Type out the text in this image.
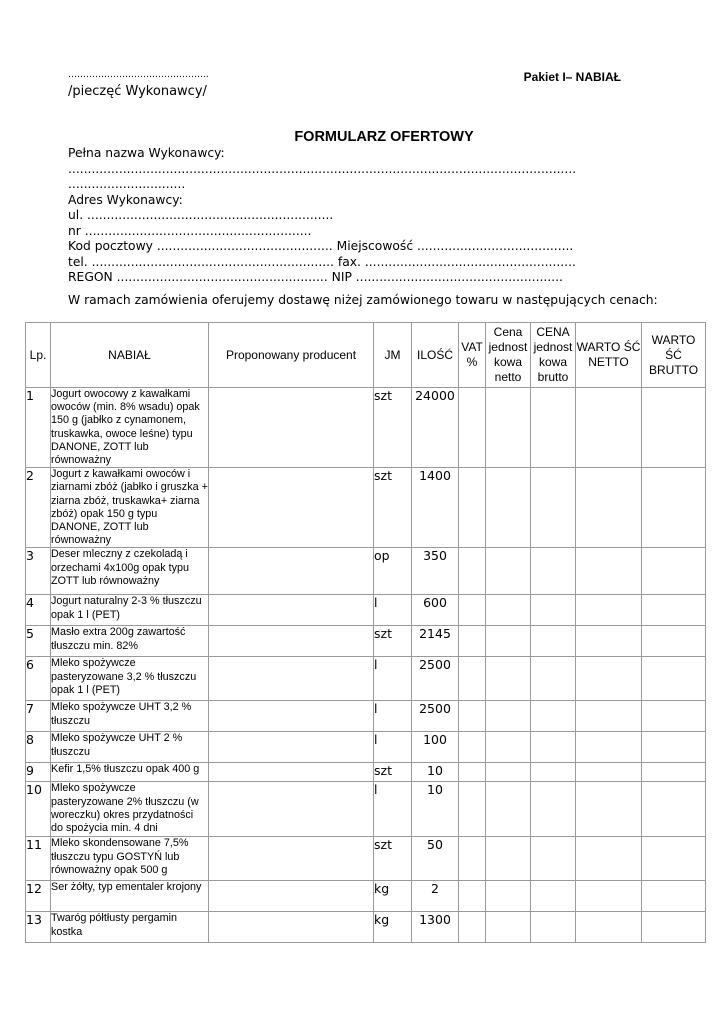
………………………………………..
/pieczęć Wykonawcy/
Pakiet I– NABIAŁ
FORMULARZ OFERTOWY
Pełna nazwa Wykonawcy:
..................................................................................................................................
..............................
Adres Wykonawcy:
ul. ...............................................................
nr ..........................................................
Kod pocztowy ............................................. Miejscowość ........................................
tel. .............................................................. fax. ......................................................
REGON ...................................................... NIP .....................................................
W ramach zamówienia oferujemy dostawę niżej zamówionego towaru w następujących cenach:
Lp.	NABIAŁ	Proponowany producent	JM	ILOŚĆ	VAT %	Cena jednost kowa netto	CENA jednost kowa brutto	WARTO ŚĆ NETTO	WARTO ŚĆ BRUTTO
1	Jogurt owocowy z kawałkami owoców (min. 8% wsadu) opak 150 g (jabłko z cynamonem, truskawka, owoce leśne) typu DANONE, ZOTT lub równoważny		szt	24000					
2	Jogurt z kawałkami owoców i ziarnami zbóż (jabłko i gruszka + ziarna zbóż, truskawka+ ziarna zbóż) opak 150 g typu DANONE, ZOTT lub równoważny		szt	1400					
3	Deser mleczny z czekoladą i orzechami 4x100g opak typu ZOTT lub równoważny		op	350					
4	Jogurt naturalny 2-3 % tłuszczu opak 1 l (PET)		l	600					
5	Masło extra 200g zawartość tłuszczu min. 82%		szt	2145					
6	Mleko spożywcze pasteryzowane 3,2 % tłuszczu opak 1 l (PET)		l	2500					
7	Mleko spożywcze UHT 3,2 % tłuszczu		l	2500					
8	Mleko spożywcze UHT 2 % tłuszczu		l	100					
9	Kefir 1,5% tłuszczu opak 400 g		szt	10					
10	Mleko spożywcze pasteryzowane 2% tłuszczu (w woreczku) okres przydatności do spożycia min. 4 dni		l	10					
11	Mleko skondensowane 7,5% tłuszczu typu GOSTYŃ lub równoważny opak 500 g		szt	50					
12	Ser żółty, typ ementaler krojony		kg	2					
13	Twaróg półtłusty pergamin kostka		kg	1300					
